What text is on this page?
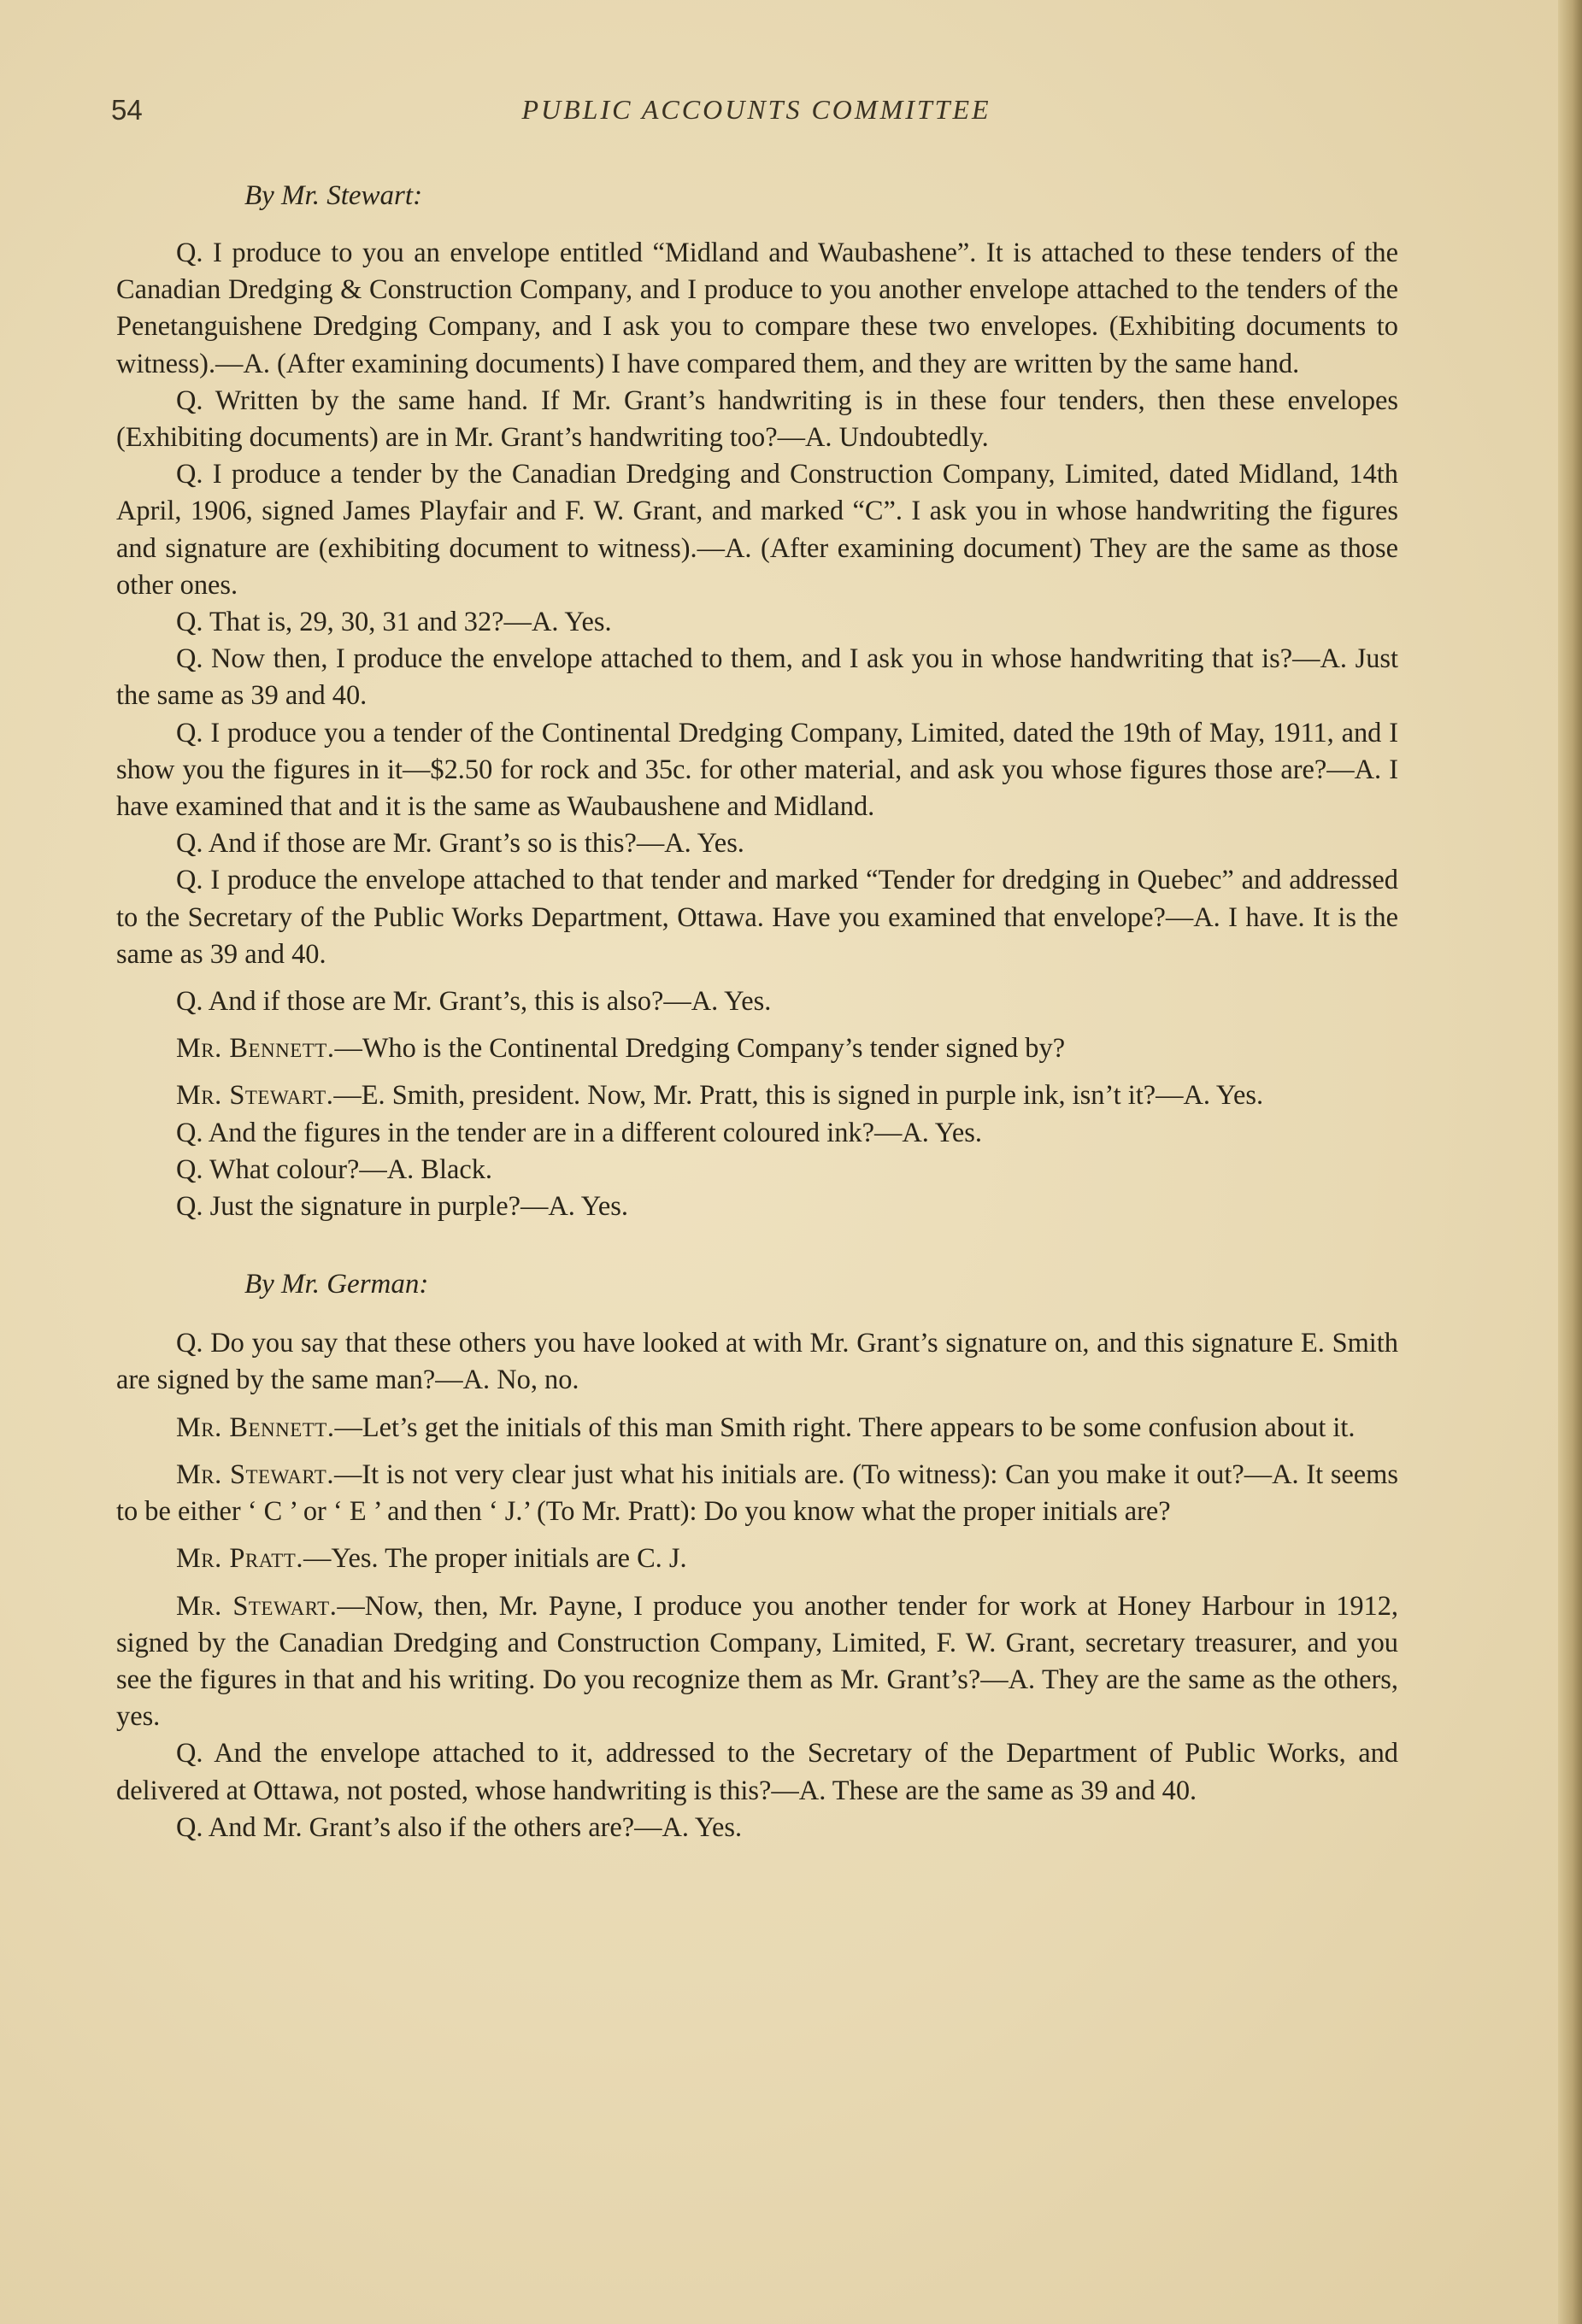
54	PUBLIC ACCOUNTS COMMITTEE
By Mr. Stewart:

Q. I produce to you an envelope entitled “Midland and Waubashene”. It is attached to these tenders of the Canadian Dredging & Construction Company, and I produce to you another envelope attached to the tenders of the Penetanguishene Dredging Company, and I ask you to compare these two envelopes. (Exhibiting documents to witness).—A. (After examining documents) I have compared them, and they are written by the same hand.

Q. Written by the same hand. If Mr. Grant’s handwriting is in these four tenders, then these envelopes (Exhibiting documents) are in Mr. Grant’s handwriting too?—A. Undoubtedly.

Q. I produce a tender by the Canadian Dredging and Construction Company, Limited, dated Midland, 14th April, 1906, signed James Playfair and F. W. Grant, and marked “C”. I ask you in whose handwriting the figures and signature are (exhibiting document to witness).—A. (After examining document) They are the same as those other ones.

Q. That is, 29, 30, 31 and 32?—A. Yes.

Q. Now then, I produce the envelope attached to them, and I ask you in whose handwriting that is?—A. Just the same as 39 and 40.

Q. I produce you a tender of the Continental Dredging Company, Limited, dated the 19th of May, 1911, and I show you the figures in it—$2.50 for rock and 35c. for other material, and ask you whose figures those are?—A. I have examined that and it is the same as Waubaushene and Midland.

Q. And if those are Mr. Grant’s so is this?—A. Yes.

Q. I produce the envelope attached to that tender and marked “Tender for dredging in Quebec” and addressed to the Secretary of the Public Works Department, Ottawa. Have you examined that envelope?—A. I have. It is the same as 39 and 40.

Q. And if those are Mr. Grant’s, this is also?—A. Yes.

Mr. Bennett.—Who is the Continental Dredging Company’s tender signed by?

Mr. Stewart.—E. Smith, president. Now, Mr. Pratt, this is signed in purple ink, isn’t it?—A. Yes.

Q. And the figures in the tender are in a different coloured ink?—A. Yes.

Q. What colour?—A. Black.

Q. Just the signature in purple?—A. Yes.

By Mr. German:

Q. Do you say that these others you have looked at with Mr. Grant’s signature on, and this signature E. Smith are signed by the same man?—A. No, no.

Mr. Bennett.—Let’s get the initials of this man Smith right. There appears to be some confusion about it.

Mr. Stewart.—It is not very clear just what his initials are. (To witness): Can you make it out?—A. It seems to be either ‘ C ’ or ‘ E ’ and then ‘ J.’ (To Mr. Pratt): Do you know what the proper initials are?

Mr. Pratt.—Yes. The proper initials are C. J.

Mr. Stewart.—Now, then, Mr. Payne, I produce you another tender for work at Honey Harbour in 1912, signed by the Canadian Dredging and Construction Company, Limited, F. W. Grant, secretary treasurer, and you see the figures in that and his writing. Do you recognize them as Mr. Grant’s?—A. They are the same as the others, yes.

Q. And the envelope attached to it, addressed to the Secretary of the Department of Public Works, and delivered at Ottawa, not posted, whose handwriting is this?—A. These are the same as 39 and 40.

Q. And Mr. Grant’s also if the others are?—A. Yes.
